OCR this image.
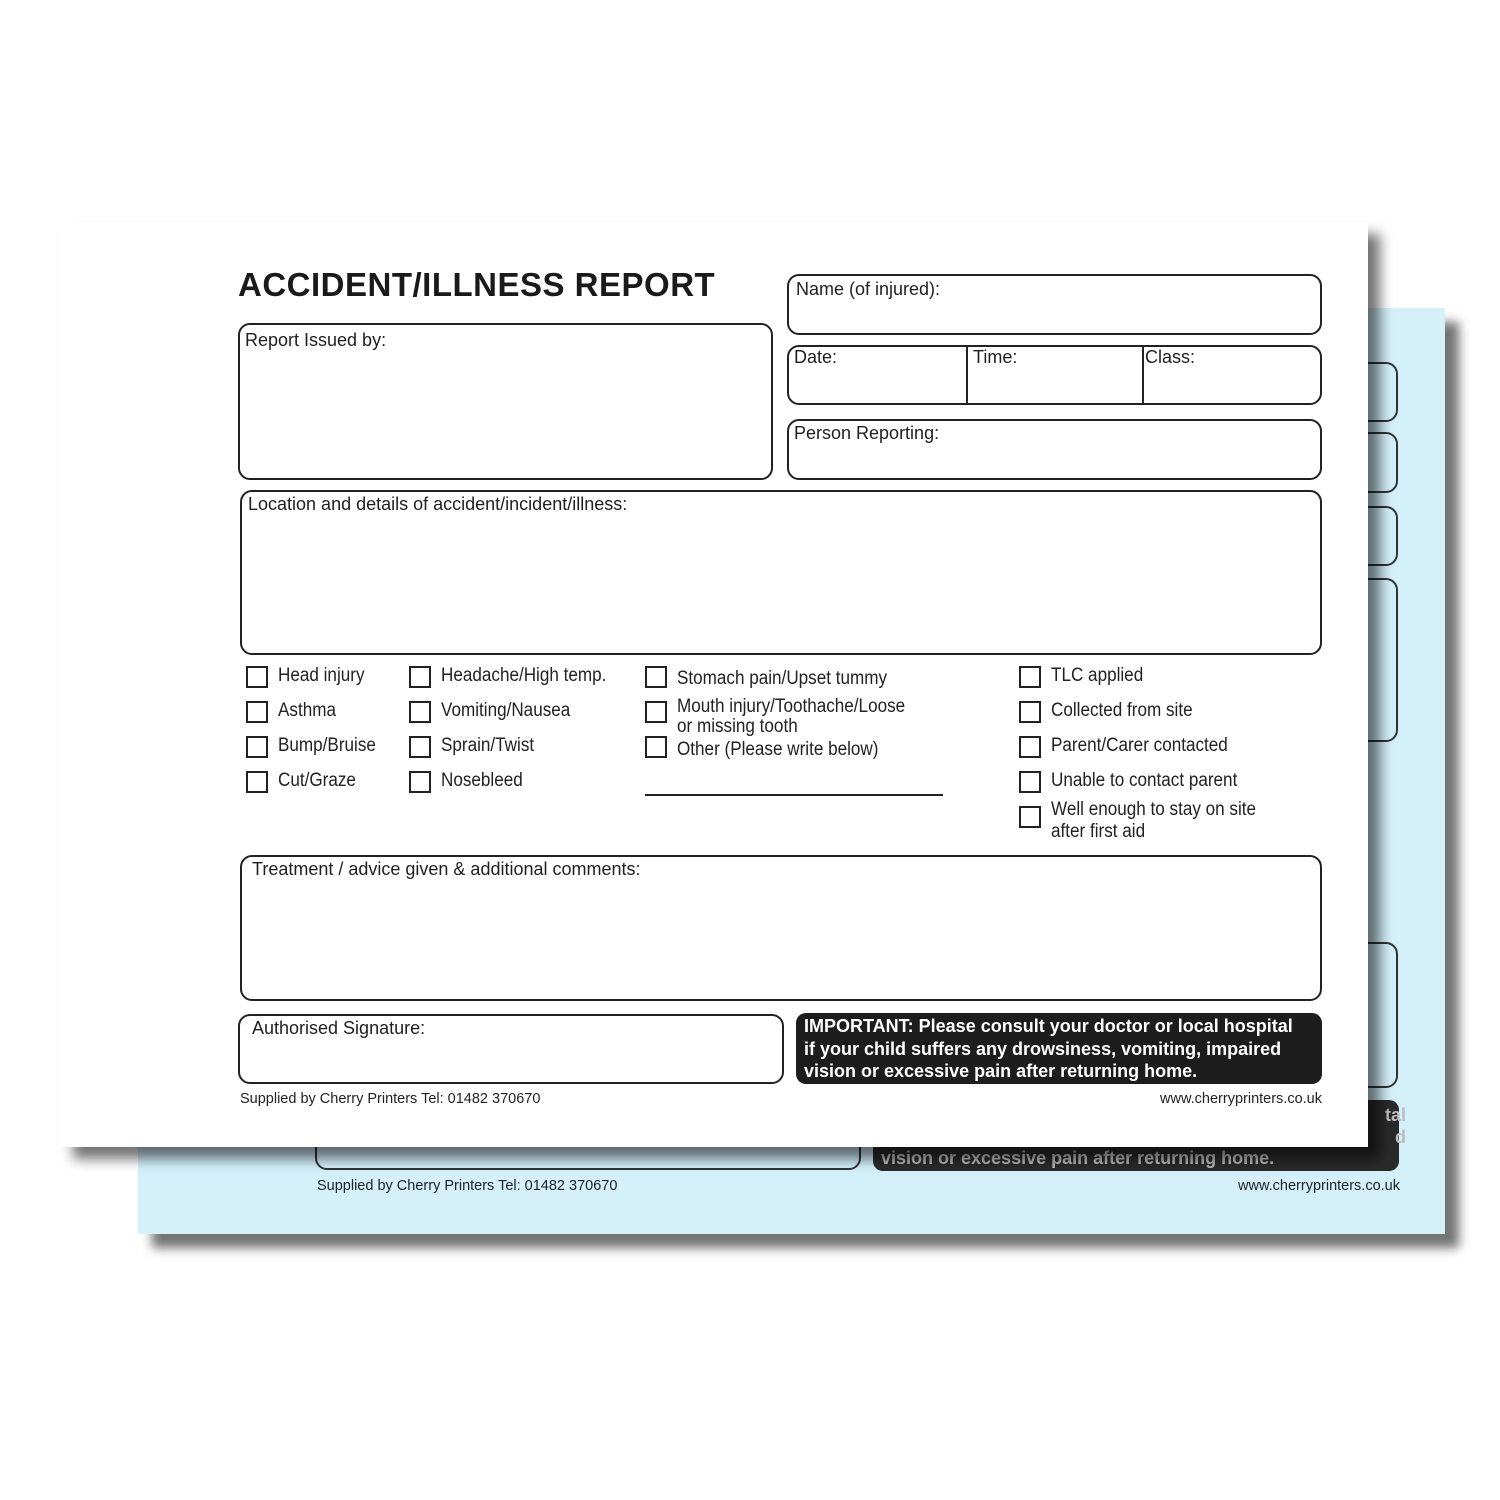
tal
d
vision or excessive pain after returning home.
Supplied by Cherry Printers Tel: 01482 370670	www.cherryprinters.co.uk
ACCIDENT/ILLNESS REPORT	Name (of injured):
Report Issued by:
Date:	Time:	Class:
Person Reporting:
Location and details of accident/incident/illness:
Head injury
Asthma
Bump/Bruise
Cut/Graze
Headache/High temp.
Vomiting/Nausea
Sprain/Twist
Nosebleed
Stomach pain/Upset tummy
Mouth injury/Toothache/Loose
or missing tooth
Other (Please write below)
TLC applied
Collected from site
Parent/Carer contacted
Unable to contact parent
Well enough to stay on site
after first aid
Treatment / advice given & additional comments:
Authorised Signature:	IMPORTANT: Please consult your doctor or local hospital
if your child suffers any drowsiness, vomiting, impaired
vision or excessive pain after returning home.
Supplied by Cherry Printers Tel: 01482 370670	www.cherryprinters.co.uk
